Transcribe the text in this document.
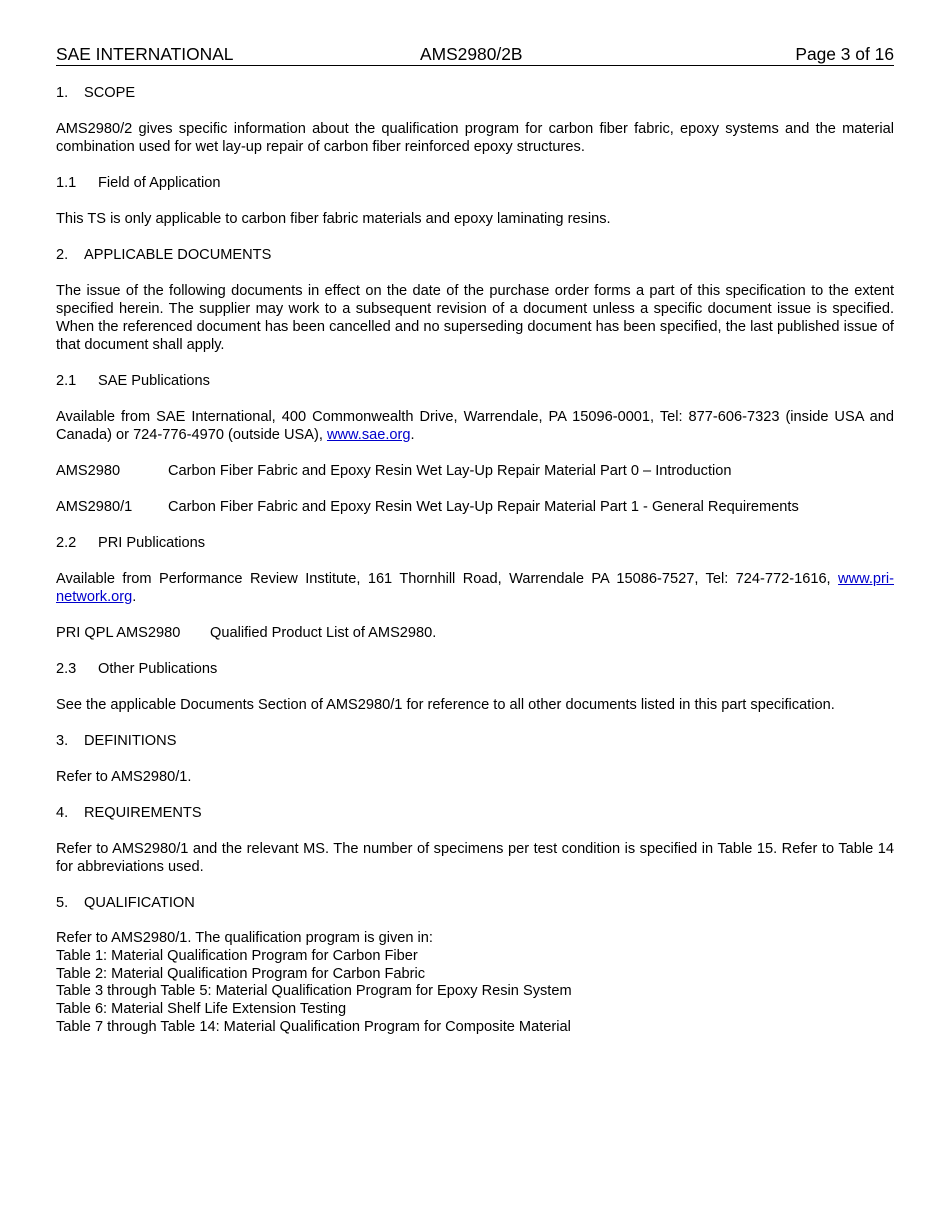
SAE INTERNATIONAL	AMS2980/2B	Page 3 of 16
1. SCOPE

AMS2980/2 gives specific information about the qualification program for carbon fiber fabric, epoxy systems and the material combination used for wet lay-up repair of carbon fiber reinforced epoxy structures.

1.1 Field of Application

This TS is only applicable to carbon fiber fabric materials and epoxy laminating resins.

2. APPLICABLE DOCUMENTS

The issue of the following documents in effect on the date of the purchase order forms a part of this specification to the extent specified herein. The supplier may work to a subsequent revision of a document unless a specific document issue is specified. When the referenced document has been cancelled and no superseding document has been specified, the last published issue of that document shall apply.

2.1 SAE Publications

Available from SAE International, 400 Commonwealth Drive, Warrendale, PA 15096-0001, Tel: 877-606-7323 (inside USA and Canada) or 724-776-4970 (outside USA), www.sae.org.

AMS2980	Carbon Fiber Fabric and Epoxy Resin Wet Lay-Up Repair Material Part 0 – Introduction
AMS2980/1 Carbon Fiber Fabric and Epoxy Resin Wet Lay-Up Repair Material Part 1 - General Requirements
2.2 PRI Publications

Available from Performance Review Institute, 161 Thornhill Road, Warrendale PA 15086-7527, Tel: 724-772-1616, www.pri-network.org.

PRI QPL AMS2980 Qualified Product List of AMS2980.
2.3 Other Publications

See the applicable Documents Section of AMS2980/1 for reference to all other documents listed in this part specification.

3. DEFINITIONS

Refer to AMS2980/1.

4. REQUIREMENTS

Refer to AMS2980/1 and the relevant MS. The number of specimens per test condition is specified in Table 15. Refer to Table 14 for abbreviations used.

5. QUALIFICATION
Refer to AMS2980/1. The qualification program is given in:
Table 1: Material Qualification Program for Carbon Fiber
Table 2: Material Qualification Program for Carbon Fabric
Table 3 through Table 5: Material Qualification Program for Epoxy Resin System
Table 6: Material Shelf Life Extension Testing
Table 7 through Table 14: Material Qualification Program for Composite Material
